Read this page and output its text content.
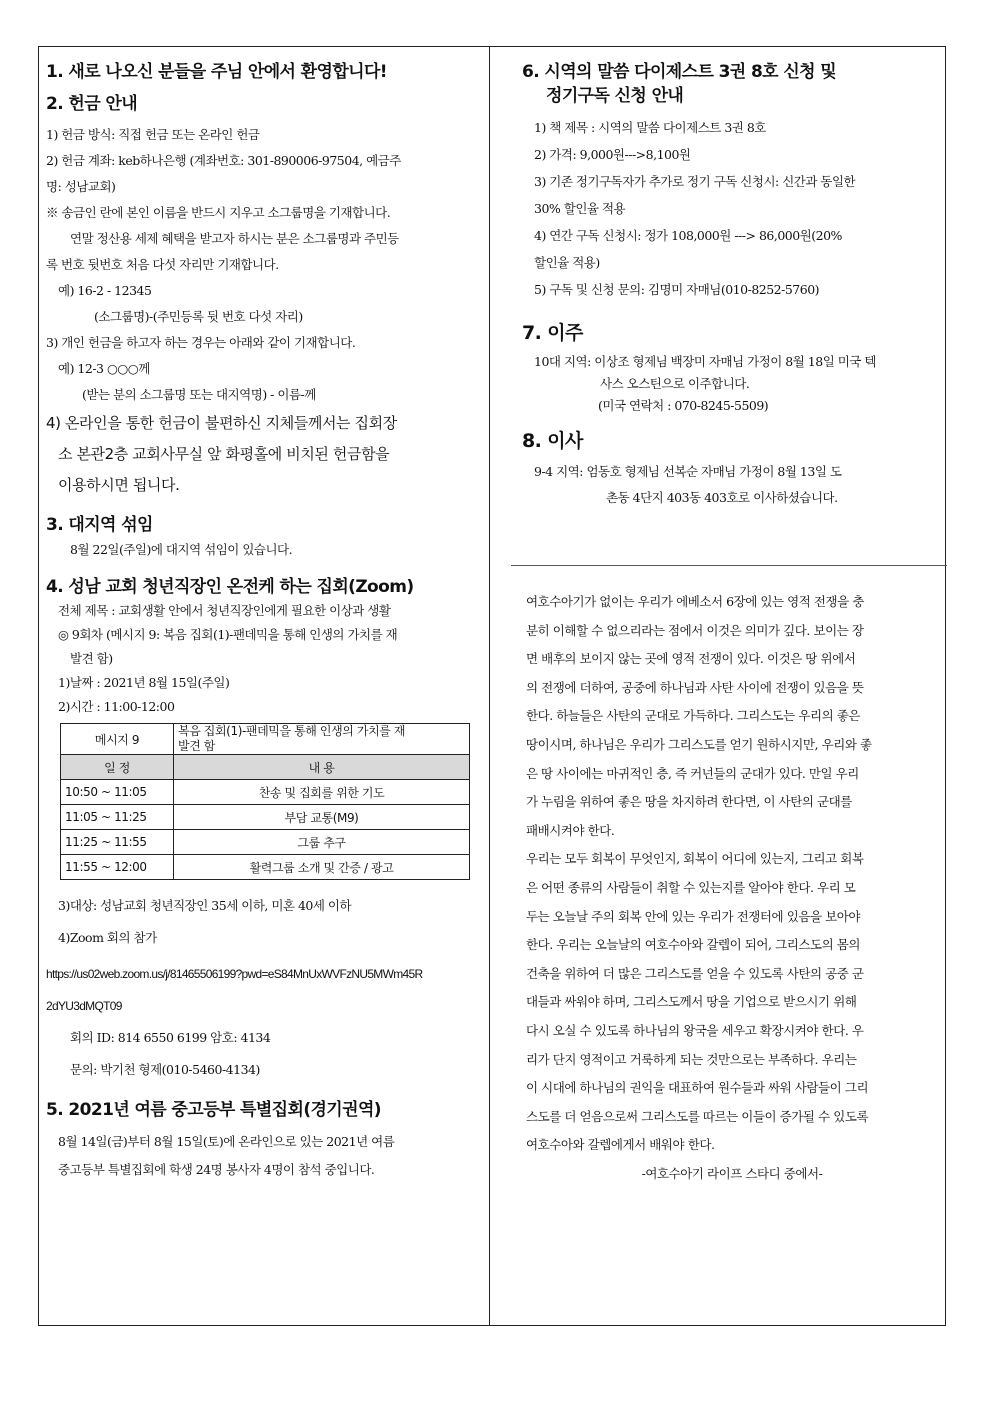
1. 새로 나오신 분들을 주님 안에서 환영합니다!
2. 헌금 안내
1) 헌금 방식: 직접 헌금 또는 온라인 헌금
2) 헌금 계좌: keb하나은행 (계좌번호: 301-890006-97504, 예금주
명: 성남교회)
※ 송금인 란에 본인 이름을 반드시 지우고 소그룹명을 기재합니다.
연말 정산용 세제 혜택을 받고자 하시는 분은 소그룹명과 주민등
록 번호 뒷번호 처음 다섯 자리만 기재합니다.
예) 16-2 - 12345
(소그룹명)-(주민등록 뒷 번호 다섯 자리)
3) 개인 헌금을 하고자 하는 경우는 아래와 같이 기재합니다.
예) 12-3 ○○○께
(받는 분의 소그룹명 또는 대지역명) - 이름-께
4) 온라인을 통한 헌금이 불편하신 지체들께서는 집회장
소 본관2층 교회사무실 앞 화평홀에 비치된 헌금함을
이용하시면 됩니다.
3. 대지역 섞임
8월 22일(주일)에 대지역 섞임이 있습니다.
4. 성남 교회 청년직장인 온전케 하는 집회(Zoom)
전체 제목 : 교회생활 안에서 청년직장인에게 필요한 이상과 생활
◎ 9회차 (메시지 9: 복음 집회(1)-팬데믹을 통해 인생의 가치를 재
발견 함)
1)날짜 : 2021년 8월 15일(주일)
2)시간 : 11:00-12:00
메시지 9	복음 집회(1)-팬데믹을 통해 인생의 가치를 재
발견 함

일 정	내 용
10:50 ~ 11:05	찬송 및 집회를 위한 기도
11:05 ~ 11:25	부담 교통(M9)
11:25 ~ 11:55	그룹 추구
11:55 ~ 12:00	활력그룹 소개 및 간증 / 광고
3)대상: 성남교회 청년직장인 35세 이하, 미혼 40세 이하
4)Zoom 회의 참가
https://us02web.zoom.us/j/81465506199?pwd=eS84MnUxWVFzNU5MWm45R
2dYU3dMQT09
회의 ID: 814 6550 6199 암호: 4134
문의: 박기천 형제(010-5460-4134)
5. 2021년 여름 중고등부 특별집회(경기권역)
8월 14일(금)부터 8월 15일(토)에 온라인으로 있는 2021년 여름
중고등부 특별집회에 학생 24명 봉사자 4명이 참석 중입니다.
6. 시역의 말씀 다이제스트 3권 8호 신청 및
정기구독 신청 안내
1) 책 제목 : 시역의 말씀 다이제스트 3권 8호
2) 가격: 9,000원--->8,100원
3) 기존 정기구독자가 추가로 정기 구독 신청시: 신간과 동일한
30% 할인율 적용
4) 연간 구독 신청시: 정가 108,000원 ---> 86,000원(20%
할인율 적용)
5) 구독 및 신청 문의: 김명미 자매님(010-8252-5760)
7. 이주
10대 지역: 이상조 형제님 백장미 자매님 가정이 8월 18일 미국 텍
사스 오스틴으로 이주합니다.
(미국 연락처 : 070-8245-5509)
8. 이사
9-4 지역: 엄동호 형제님 선복순 자매님 가정이 8월 13일 도
촌동 4단지 403동 403호로 이사하셨습니다.
여호수아기가 없이는 우리가 에베소서 6장에 있는 영적 전쟁을 충
분히 이해할 수 없으리라는 점에서 이것은 의미가 깊다. 보이는 장
면 배후의 보이지 않는 곳에 영적 전쟁이 있다. 이것은 땅 위에서
의 전쟁에 더하여, 공중에 하나님과 사탄 사이에 전쟁이 있음을 뜻
한다. 하늘들은 사탄의 군대로 가득하다. 그리스도는 우리의 좋은
땅이시며, 하나님은 우리가 그리스도를 얻기 원하시지만, 우리와 좋
은 땅 사이에는 마귀적인 층, 즉 커넌들의 군대가 있다. 만일 우리
가 누림을 위하여 좋은 땅을 차지하려 한다면, 이 사탄의 군대를
패배시켜야 한다.
우리는 모두 회복이 무엇인지, 회복이 어디에 있는지, 그리고 회복
은 어떤 종류의 사람들이 취할 수 있는지를 알아야 한다. 우리 모
두는 오늘날 주의 회복 안에 있는 우리가 전쟁터에 있음을 보아야
한다. 우리는 오늘날의 여호수아와 갈렙이 되어, 그리스도의 몸의
건축을 위하여 더 많은 그리스도를 얻을 수 있도록 사탄의 공중 군
대들과 싸워야 하며, 그리스도께서 땅을 기업으로 받으시기 위해
다시 오실 수 있도록 하나님의 왕국을 세우고 확장시켜야 한다. 우
리가 단지 영적이고 거룩하게 되는 것만으로는 부족하다. 우리는
이 시대에 하나님의 권익을 대표하여 원수들과 싸워 사람들이 그리
스도를 더 얻음으로써 그리스도를 따르는 이들이 증가될 수 있도록
여호수아와 갈렙에게서 배워야 한다.
-여호수아기 라이프 스타디 중에서-
